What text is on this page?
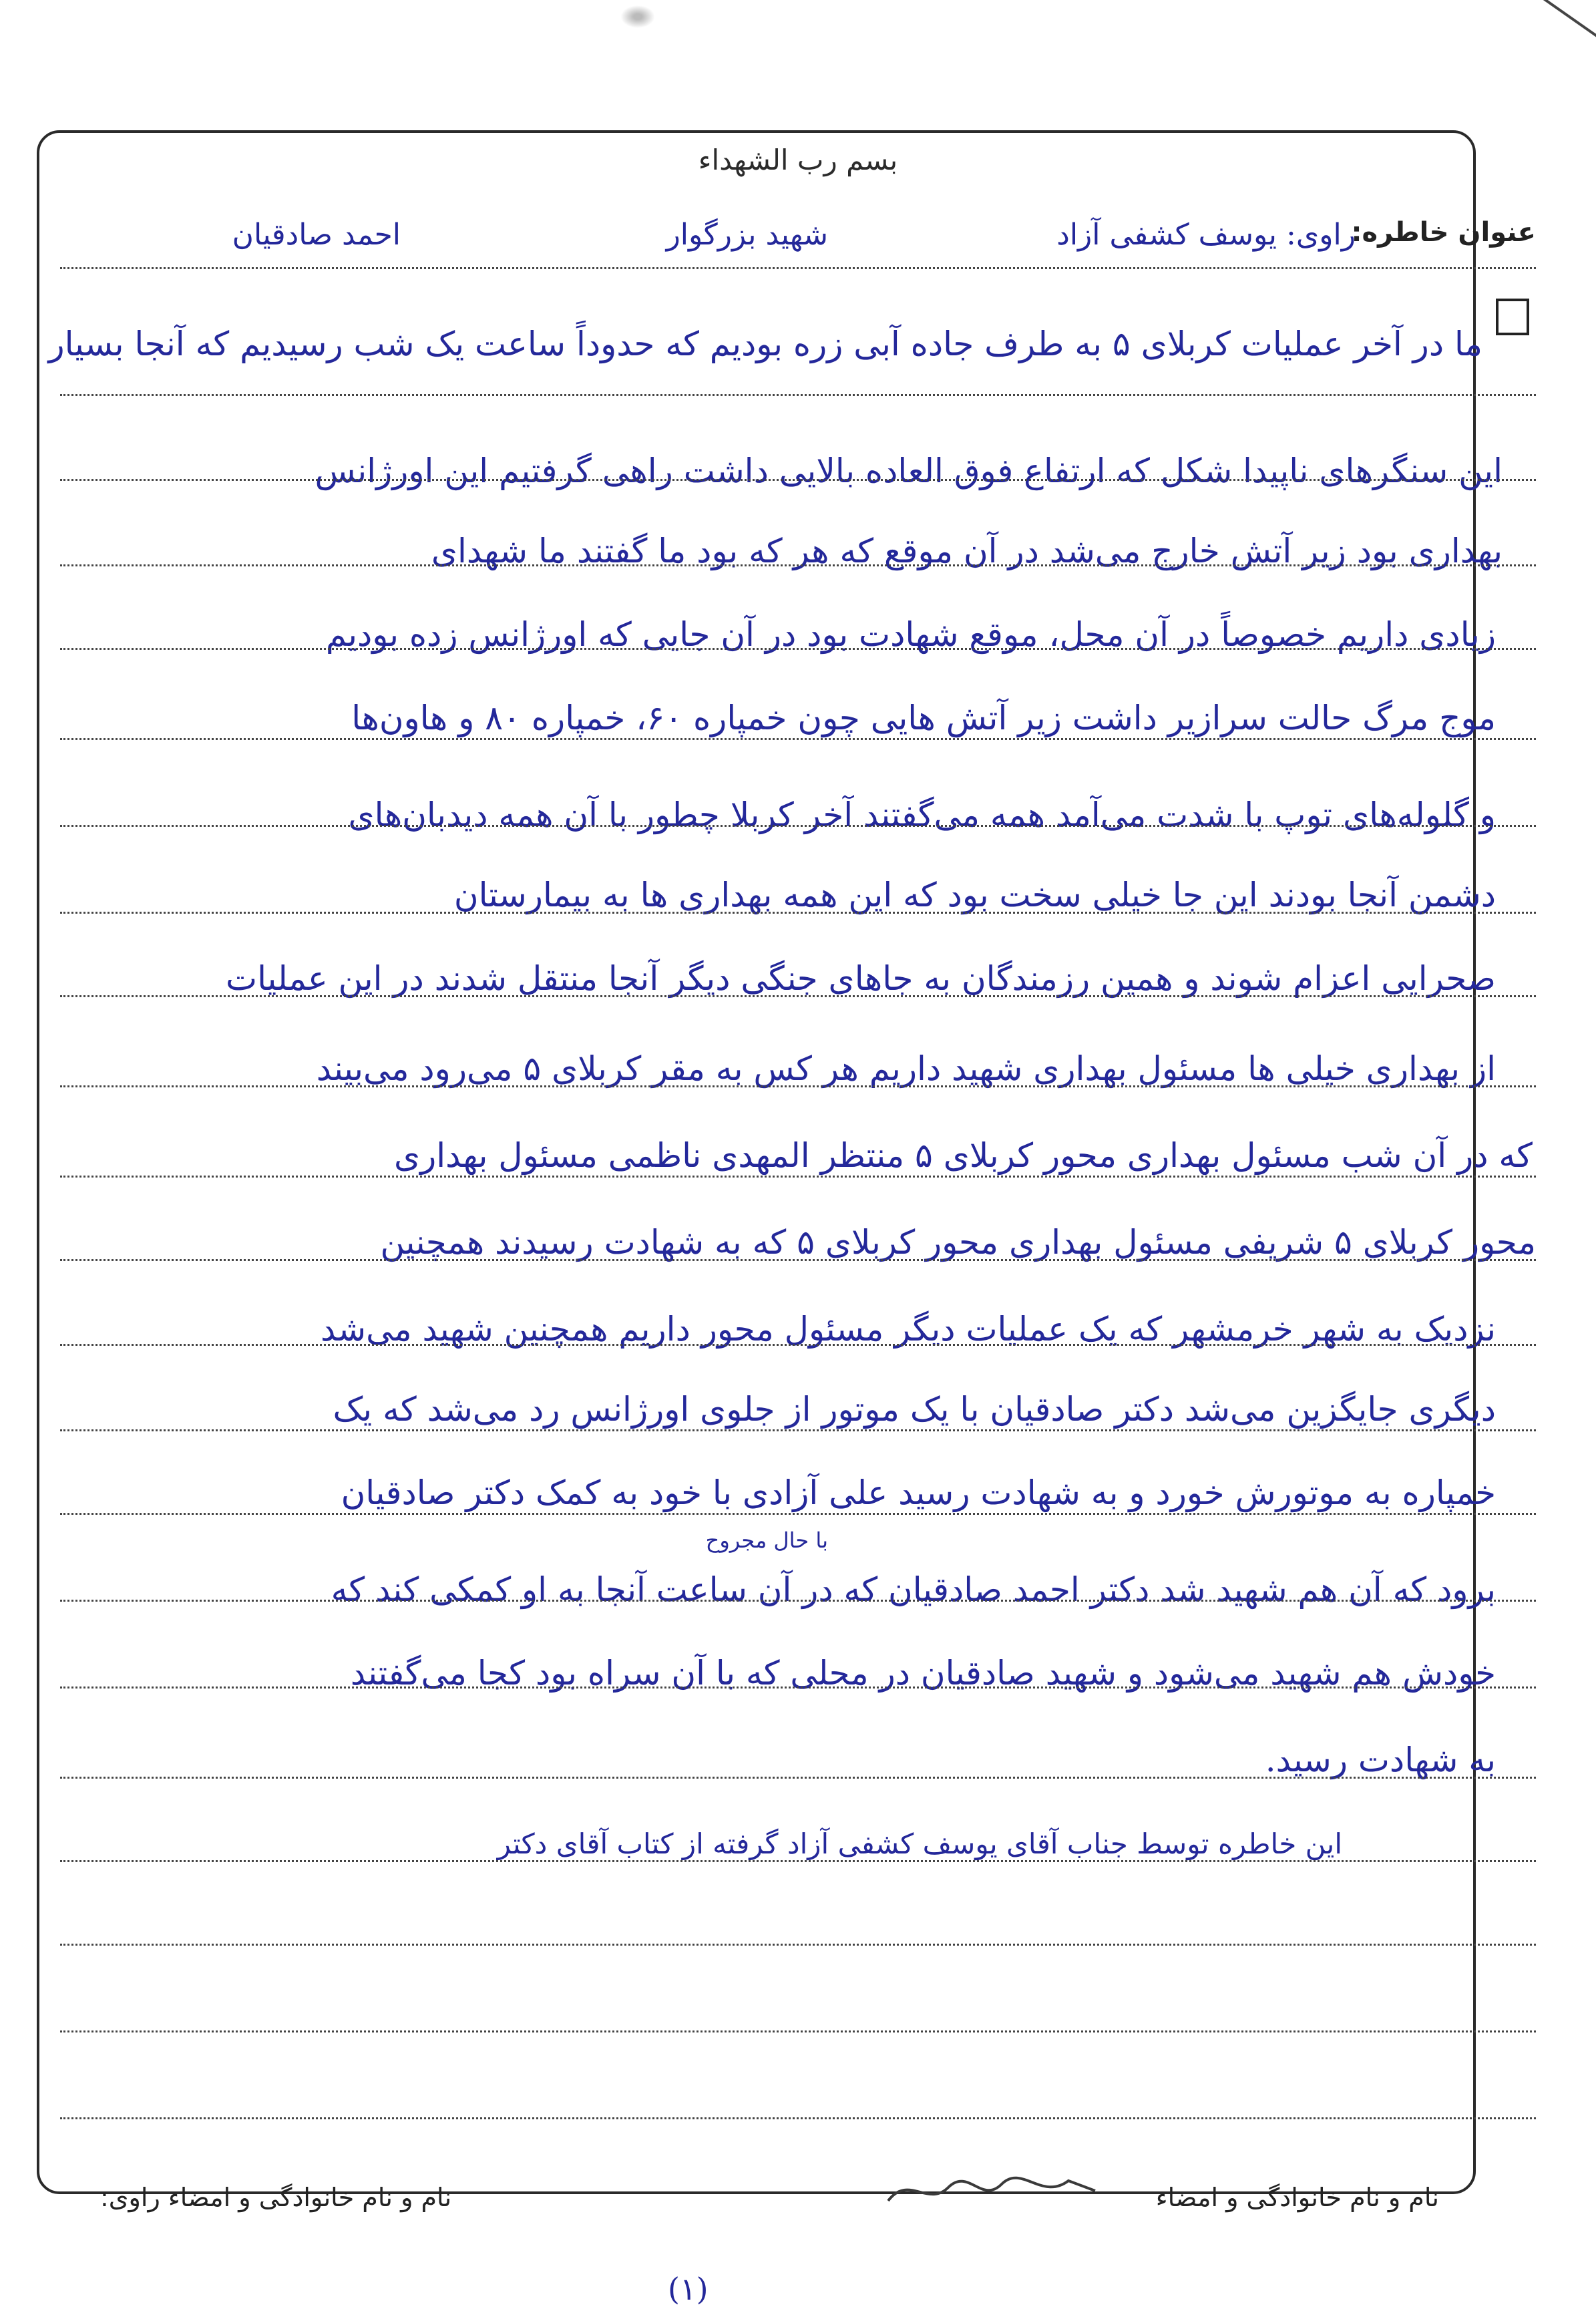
بسم رب الشهداء
عنوان خاطره:
راوی: یوسف کشفی آزاد
شهید بزرگوار
احمد صادقیان
ما در آخر عملیات کربلای ۵ به طرف جاده آبی زره بودیم که حدوداً ساعت یک شب رسیدیم که آنجا بسیار
این سنگرهای ناپیدا شکل که ارتفاع فوق العاده بالایی داشت راهی گرفتیم این اورژانس
بهداری بود زیر آتش خارج می‌شد در آن موقع که هر که بود ما گفتند ما شهدای
زیادی داریم خصوصاً در آن محل، موقع شهادت بود در آن جایی که اورژانس زده بودیم
موج مرگ حالت سرازیر داشت زیر آتش هایی چون خمپاره ۶۰، خمپاره ۸۰ و هاون‌ها
و گلوله‌های توپ با شدت می‌آمد همه می‌گفتند آخر کربلا چطور با آن همه دیدبان‌های
دشمن آنجا بودند این جا خیلی سخت بود که این همه بهداری ها به بیمارستان
صحرایی اعزام شوند و همین رزمندگان به جاهای جنگی دیگر آنجا منتقل شدند در این عملیات
از بهداری خیلی ها مسئول بهداری شهید داریم هر کس به مقر کربلای ۵ می‌رود می‌بیند
که در آن شب مسئول بهداری محور کربلای ۵ منتظر المهدی ناظمی مسئول بهداری
محور کربلای ۵ شریفی مسئول بهداری محور کربلای ۵ که به شهادت رسیدند همچنین
نزدیک به شهر خرمشهر که یک عملیات دیگر مسئول محور داریم همچنین شهید می‌شد
دیگری جایگزین می‌شد دکتر صادقیان با یک موتور از جلوی اورژانس رد می‌شد که یک
خمپاره به موتورش خورد و به شهادت رسید علی آزادی با خود به کمک دکتر صادقیان
با حال مجروح
برود که آن هم شهید شد دکتر احمد صادقیان که در آن ساعت آنجا به او کمکی کند که
خودش هم شهید می‌شود و شهید صادقیان در محلی که با آن سراه بود کجا می‌گفتند
به شهادت رسید.
این خاطره توسط جناب آقای یوسف کشفی آزاد گرفته از کتاب آقای دکتر
نام و نام خانوادگی و امضاء
نام و نام خانوادگی و امضاء راوی:
(۱)
